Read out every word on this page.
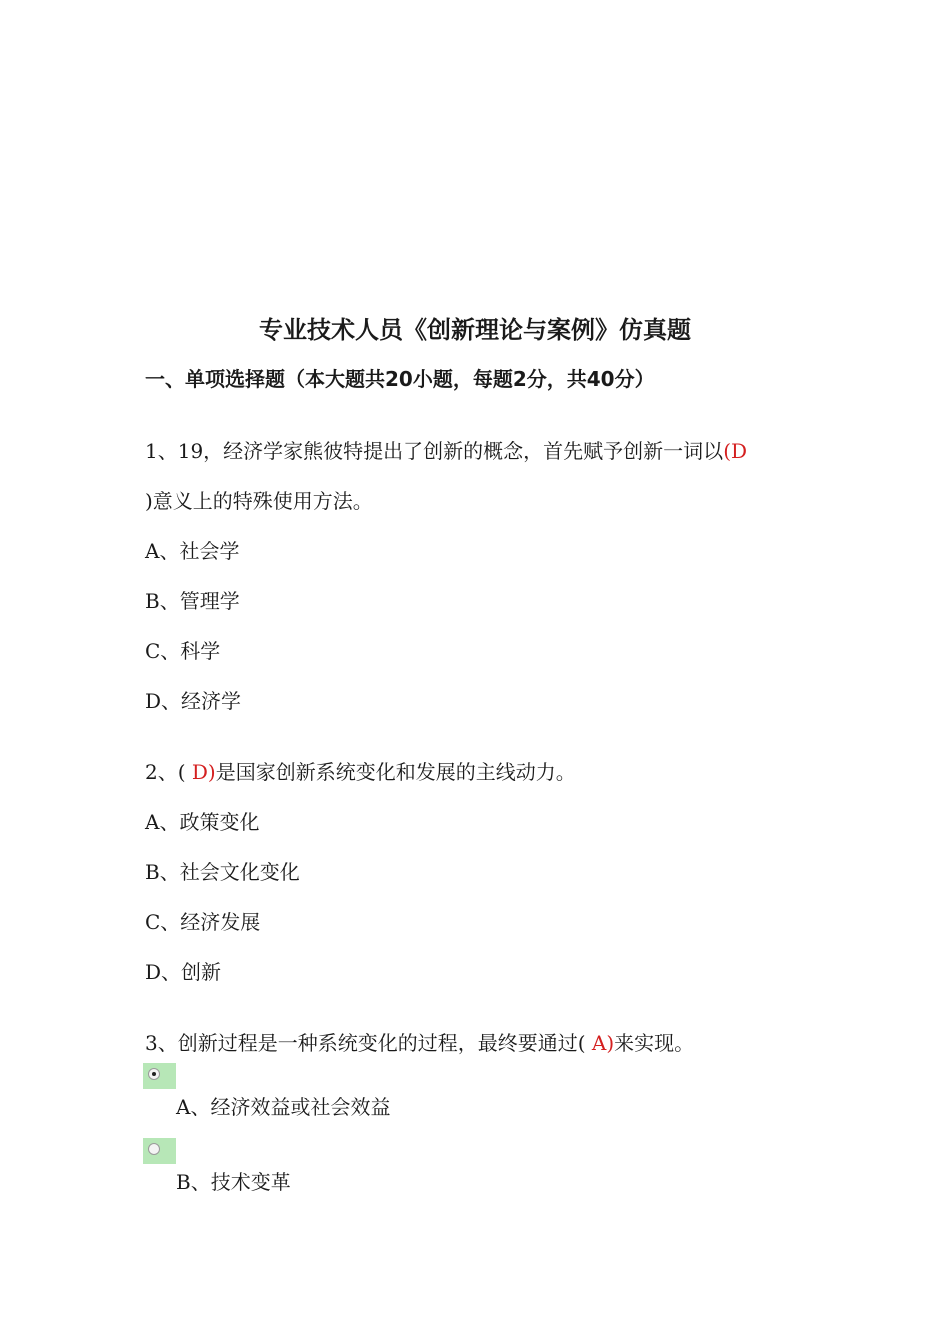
专业技术人员《创新理论与案例》仿真题
一、单项选择题（本大题共20小题，每题2分，共40分）
1、19，经济学家熊彼特提出了创新的概念，首先赋予创新一词以(D
)意义上的特殊使用方法。
A、社会学
B、管理学
C、科学
D、经济学
2、( D)是国家创新系统变化和发展的主线动力。
A、政策变化
B、社会文化变化
C、经济发展
D、创新
3、创新过程是一种系统变化的过程，最终要通过( A)来实现。
A、经济效益或社会效益
B、技术变革
